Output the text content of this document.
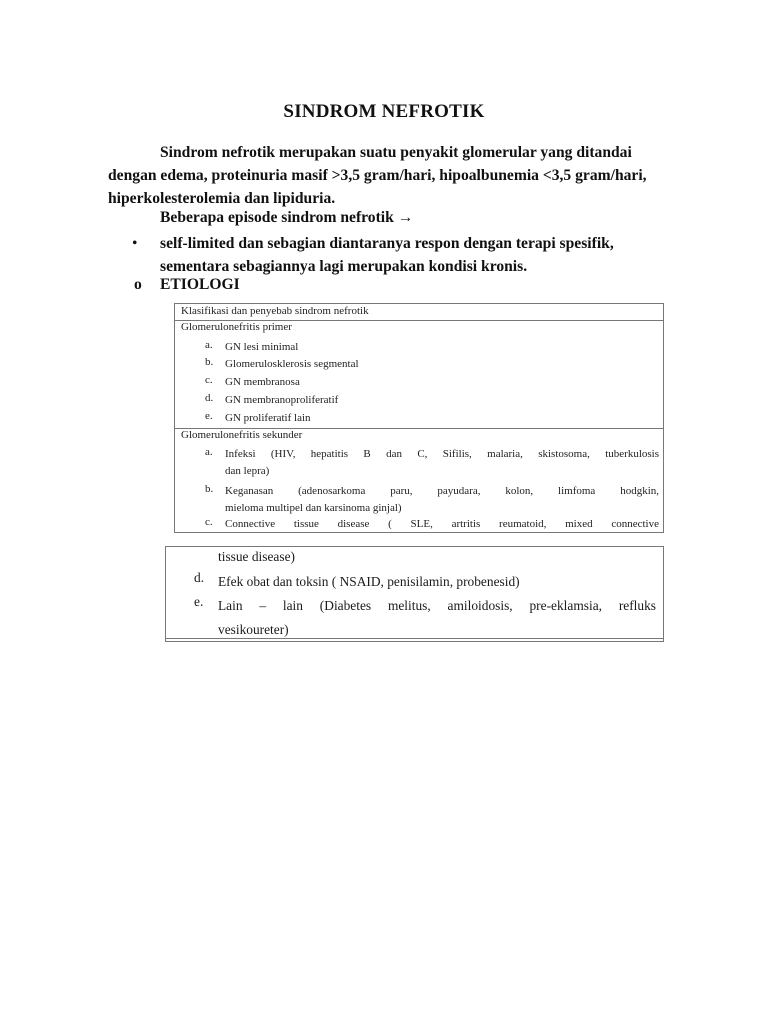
SINDROM NEFROTIK
Sindrom nefrotik merupakan suatu penyakit glomerular yang ditandai dengan edema, proteinuria masif >3,5 gram/hari, hipoalbunemia <3,5 gram/hari, hiperkolesterolemia dan lipiduria.
Beberapa episode sindrom nefrotik →
• self-limited dan sebagian diantaranya respon dengan terapi spesifik,
sementara sebagiannya lagi merupakan kondisi kronis.
o ETIOLOGI
Klasifikasi dan penyebab sindrom nefrotik
Glomerulonefritis primer
a.	GN lesi minimal
b.	Glomerulosklerosis segmental
c.	GN membranosa
d.	GN membranoproliferatif
e.	GN proliferatif lain
Glomerulonefritis sekunder
a.	Infeksi (HIV, hepatitis B dan C, Sifilis, malaria, skistosoma, tuberkulosis
dan lepra)
b.	Keganasan (adenosarkoma paru, payudara, kolon, limfoma hodgkin,
mieloma multipel dan karsinoma ginjal)
c.	Connective tissue disease ( SLE, artritis reumatoid, mixed connective
tissue disease)
d. Efek obat dan toksin ( NSAID, penisilamin, probenesid)
e. Lain – lain (Diabetes melitus, amiloidosis, pre-eklamsia, refluks
vesikoureter)
